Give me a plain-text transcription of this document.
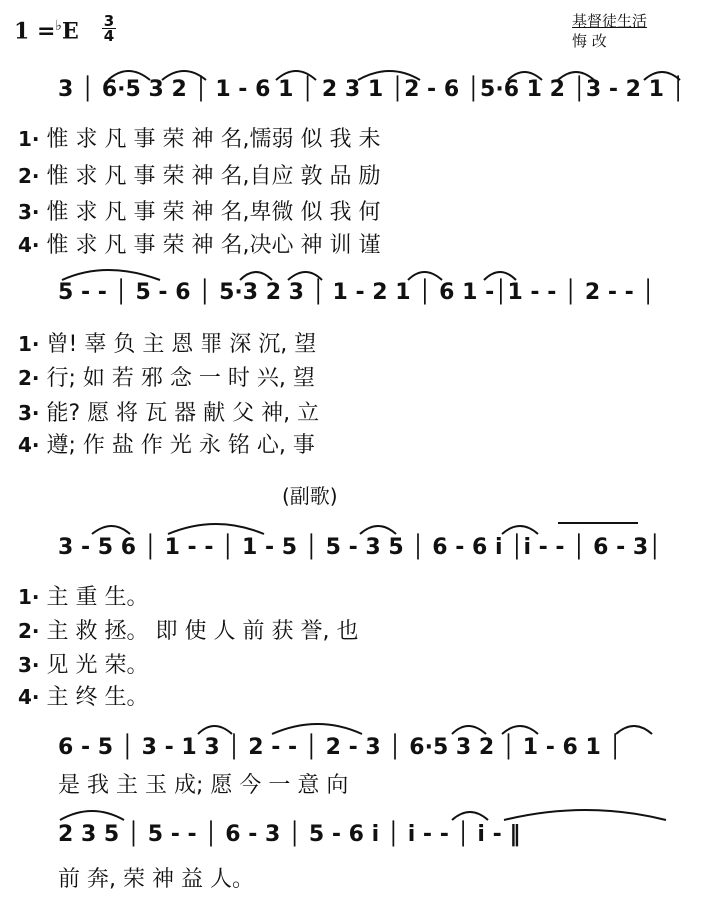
1 =♭E 3
4
基督徒生活
悔 改
3 │ 6·5 3 2 │ 1 - 6 1 │ 2 3 1 │2 - 6 │5·6 1 2 │3 - 2 1 │
1· 惟 求 凡 事 荣 神 名,懦弱 似 我 未
2· 惟 求 凡 事 荣 神 名,自应 敦 品 励
3· 惟 求 凡 事 荣 神 名,卑微 似 我 何
4· 惟 求 凡 事 荣 神 名,决心 神 训 谨
5 - - │ 5 - 6 │ 5·3 2 3 │ 1 - 2 1 │ 6 1 -│1 - - │ 2 - - │
1· 曾! 辜 负 主 恩 罪 深 沉, 望
2· 行; 如 若 邪 念 一 时 兴, 望
3· 能? 愿 将 瓦 器 献 父 神, 立
4· 遵; 作 盐 作 光 永 铭 心, 事
(副歌)
3 - 5 6 │ 1 - - │ 1 - 5 │ 5 - 3 5 │ 6 - 6 i │i - - │ 6 - 3│
1· 主 重 生。
2· 主 救 拯。 即 使 人 前 获 誉, 也
3· 见 光 荣。
4· 主 终 生。
6 - 5 │ 3 - 1 3 │ 2 - - │ 2 - 3 │ 6·5 3 2 │ 1 - 6 1 │
是 我 主 玉 成; 愿 今 一 意 向
2 3 5 │ 5 - - │ 6 - 3 │ 5 - 6 i │ i - - │ i - ‖
前 奔, 荣 神 益 人。
